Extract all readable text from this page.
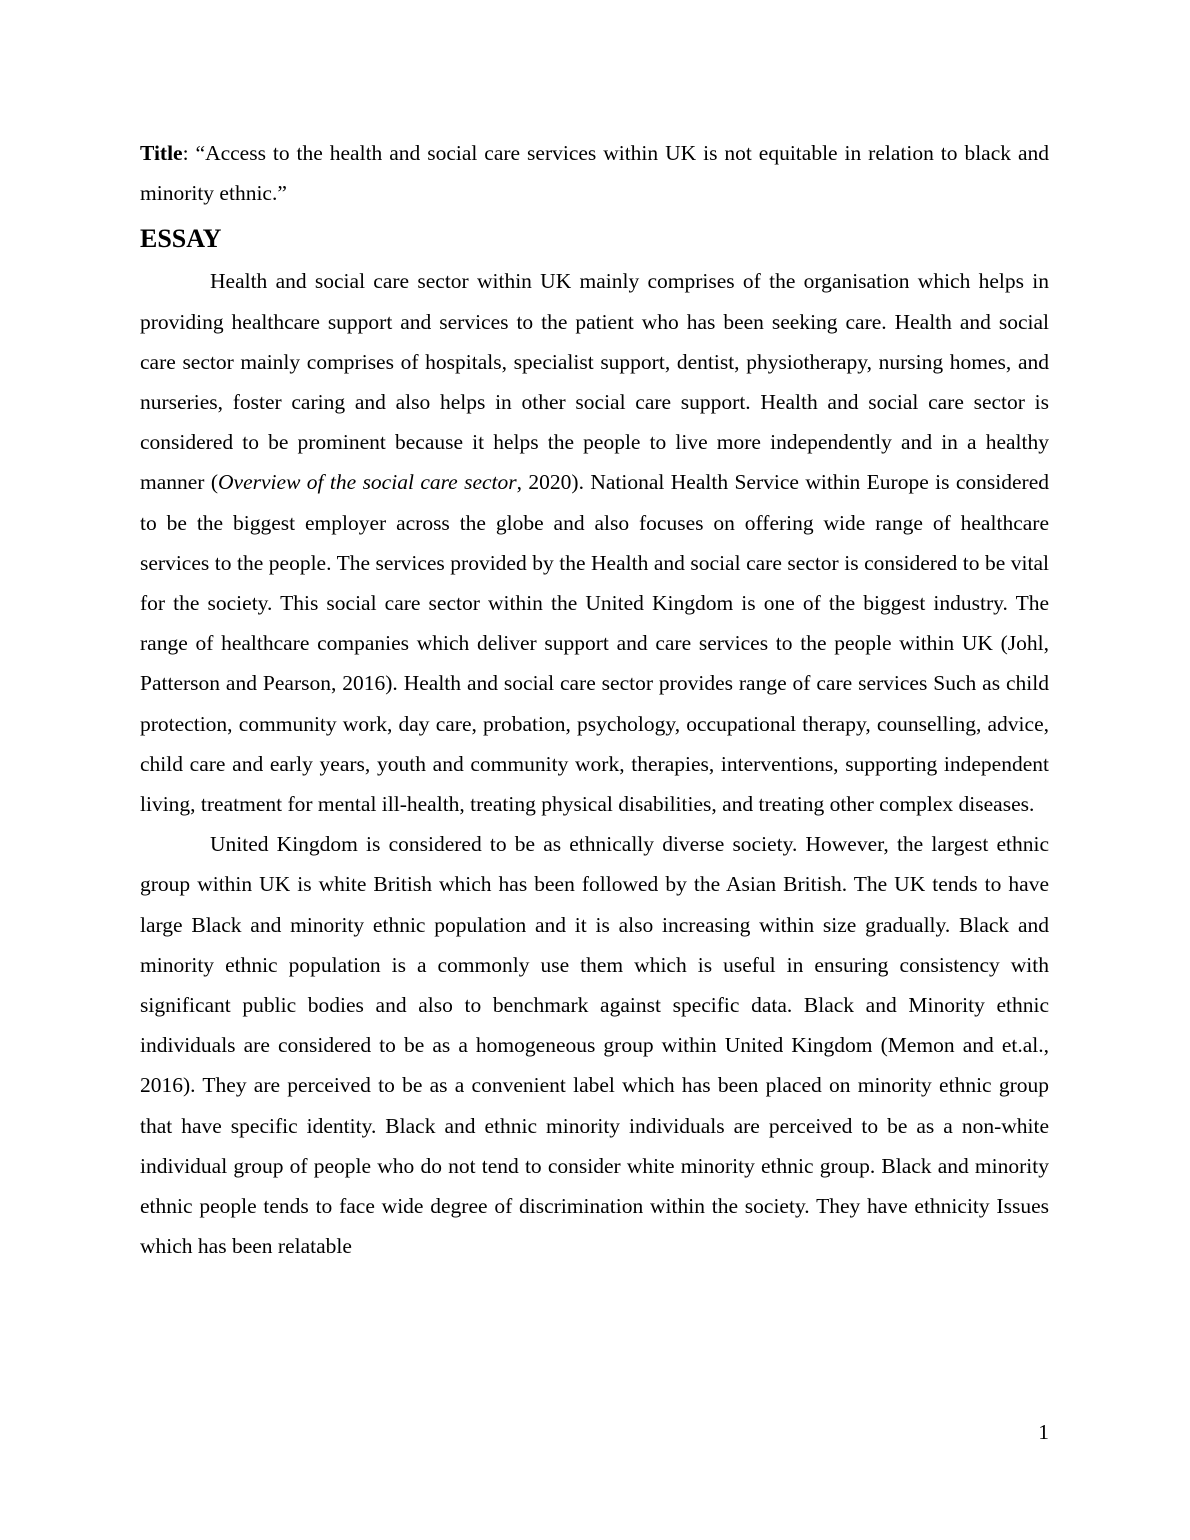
Title: “Access to the health and social care services within UK is not equitable in relation to black and minority ethnic.”

ESSAY

Health and social care sector within UK mainly comprises of the organisation which helps in providing healthcare support and services to the patient who has been seeking care. Health and social care sector mainly comprises of hospitals, specialist support, dentist, physiotherapy, nursing homes, and nurseries, foster caring and also helps in other social care support. Health and social care sector is considered to be prominent because it helps the people to live more independently and in a healthy manner (Overview of the social care sector, 2020). National Health Service within Europe is considered to be the biggest employer across the globe and also focuses on offering wide range of healthcare services to the people. The services provided by the Health and social care sector is considered to be vital for the society. This social care sector within the United Kingdom is one of the biggest industry. The range of healthcare companies which deliver support and care services to the people within UK (Johl, Patterson and Pearson, 2016). Health and social care sector provides range of care services Such as child protection, community work, day care, probation, psychology, occupational therapy, counselling, advice, child care and early years, youth and community work, therapies, interventions, supporting independent living, treatment for mental ill-health, treating physical disabilities, and treating other complex diseases.

United Kingdom is considered to be as ethnically diverse society. However, the largest ethnic group within UK is white British which has been followed by the Asian British. The UK tends to have large Black and minority ethnic population and it is also increasing within size gradually. Black and minority ethnic population is a commonly use them which is useful in ensuring consistency with significant public bodies and also to benchmark against specific data. Black and Minority ethnic individuals are considered to be as a homogeneous group within United Kingdom (Memon and et.al., 2016). They are perceived to be as a convenient label which has been placed on minority ethnic group that have specific identity. Black and ethnic minority individuals are perceived to be as a non-white individual group of people who do not tend to consider white minority ethnic group. Black and minority ethnic people tends to face wide degree of discrimination within the society. They have ethnicity Issues which has been relatable

1
